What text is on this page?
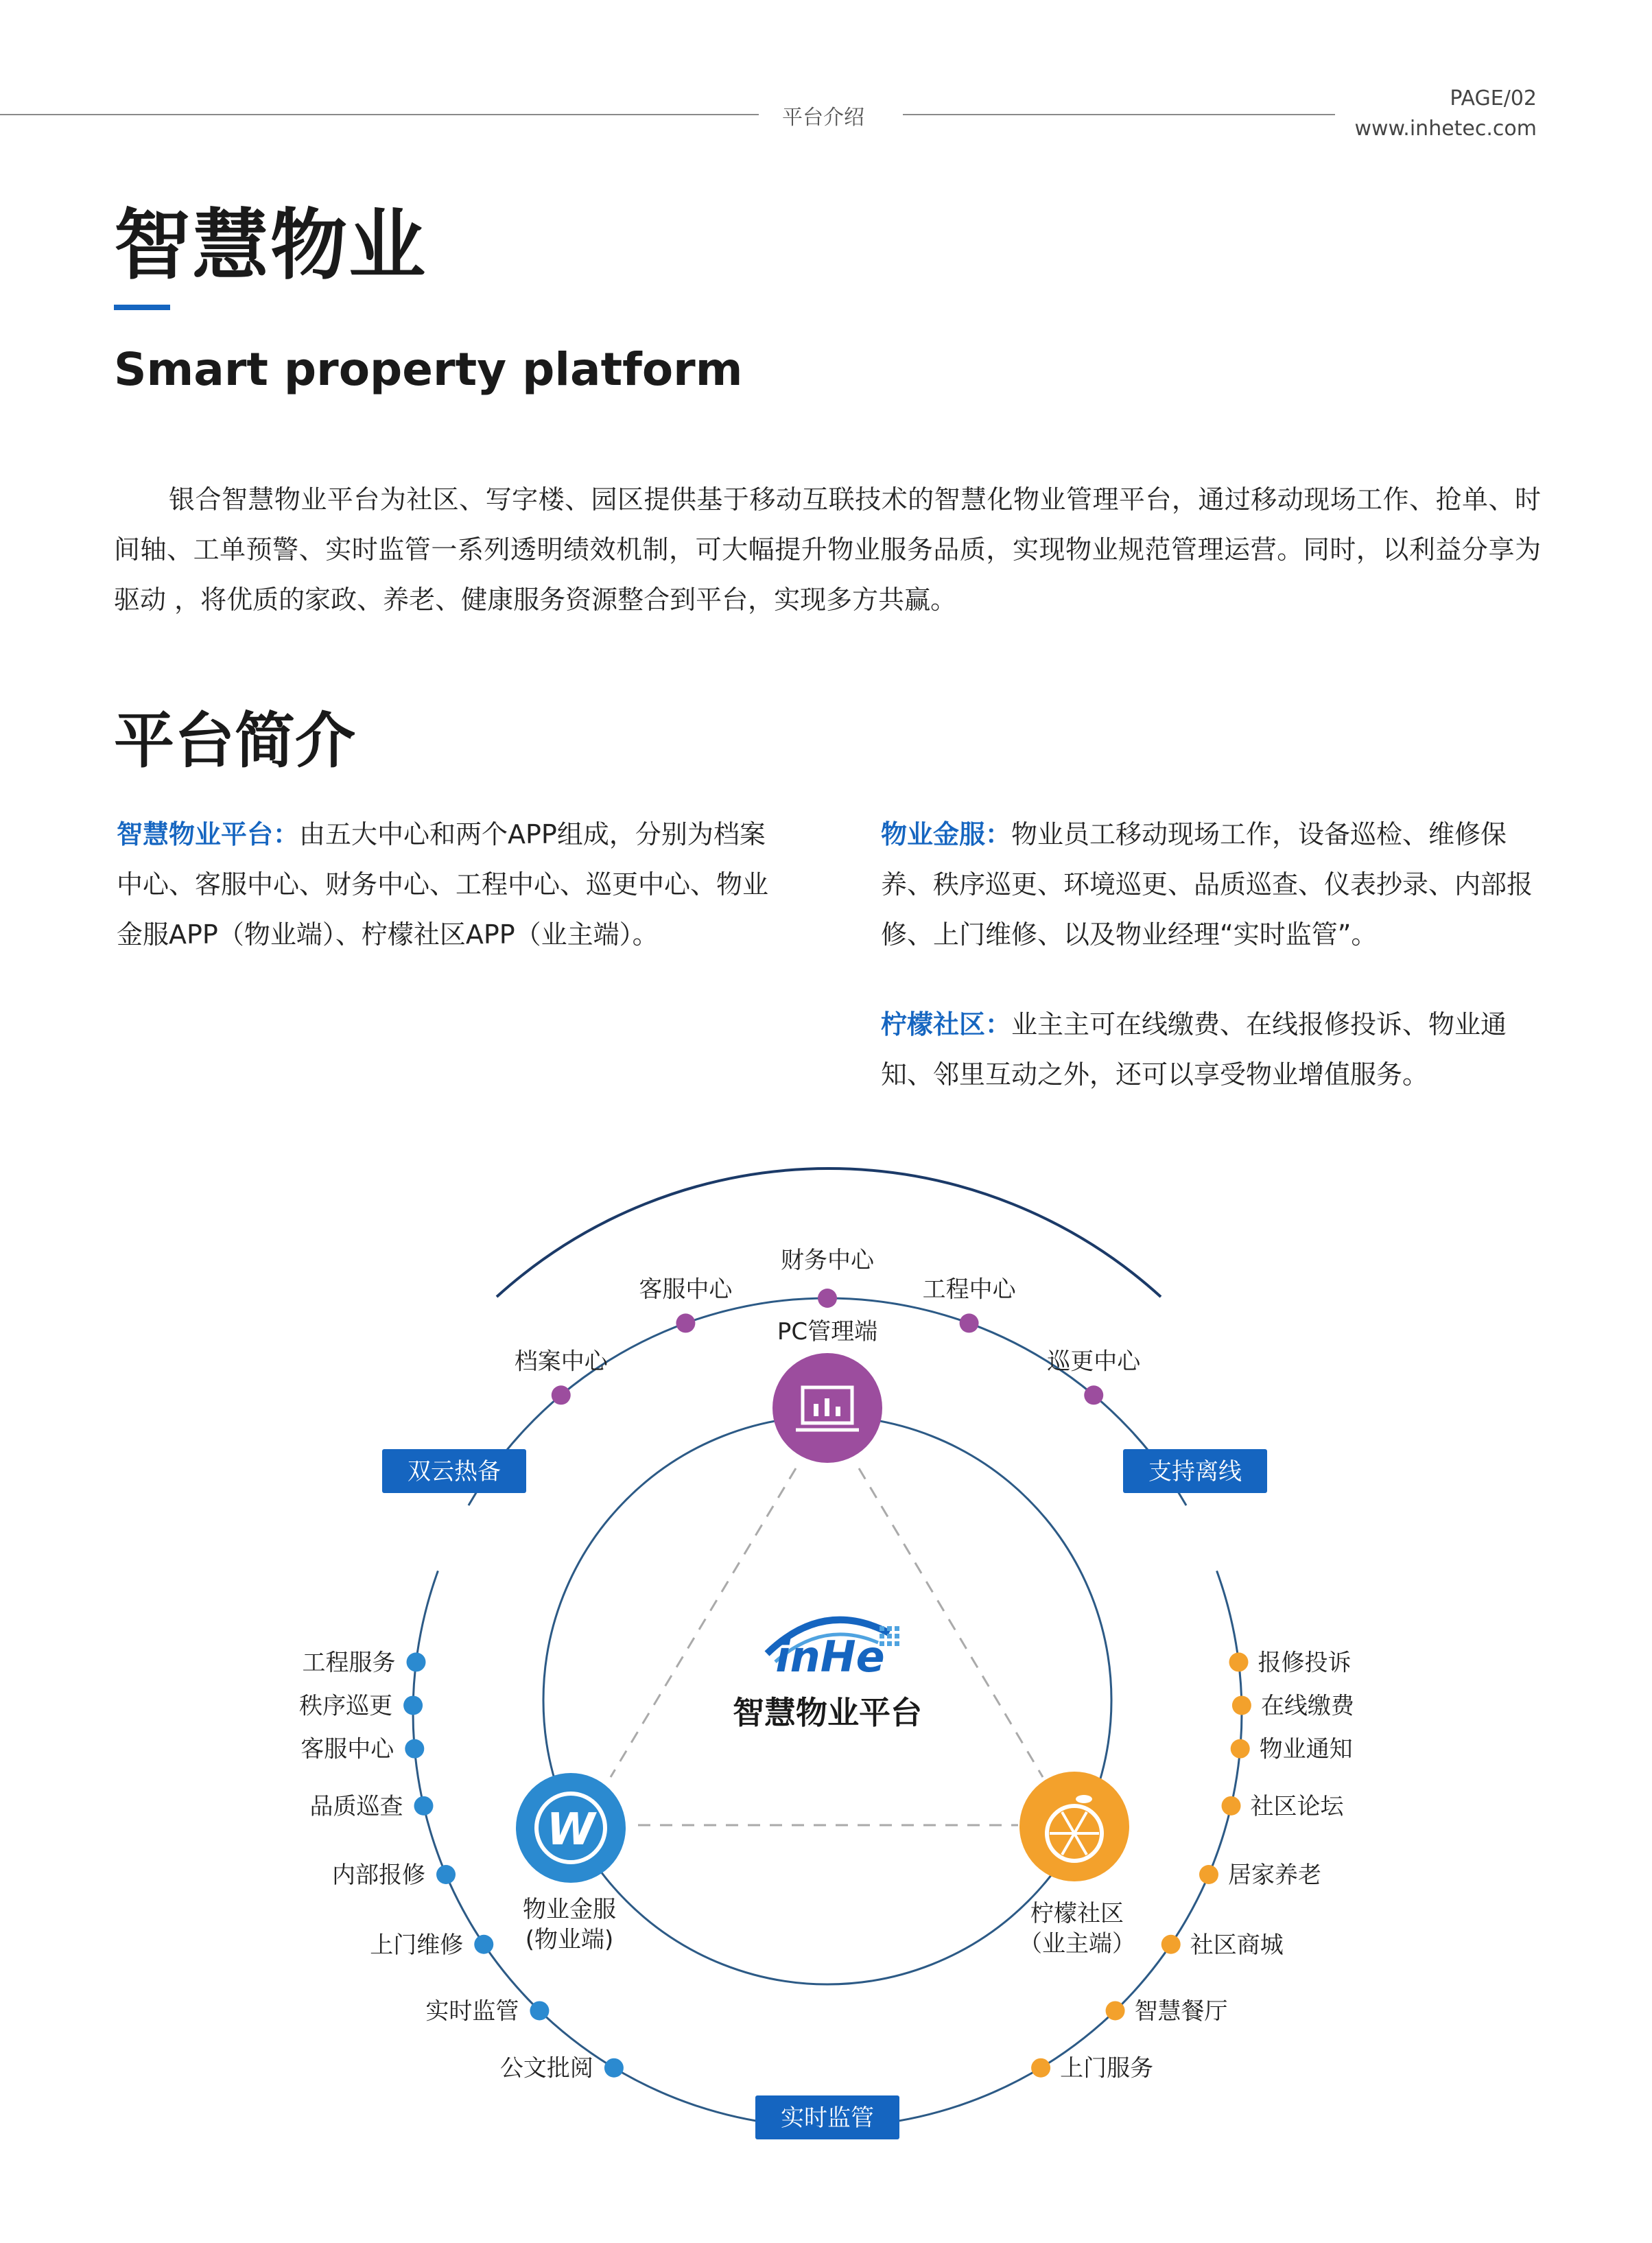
平台介绍
PAGE/02
www.inhetec.com
智慧物业
Smart property platform
银合智慧物业平台为社区、写字楼、园区提供基于移动互联技术的智慧化物业管理平台，通过移动现场工作、抢单、时间轴、工单预警、实时监管一系列透明绩效机制，可大幅提升物业服务品质，实现物业规范管理运营。同时，以利益分享为驱动 ，将优质的家政、养老、健康服务资源整合到平台，实现多方共赢。
平台简介
智慧物业平台：由五大中心和两个APP组成，分别为档案中心、客服中心、财务中心、工程中心、巡更中心、物业金服APP（物业端）、柠檬社区APP（业主端）。
物业金服：物业员工移动现场工作，设备巡检、维修保养、秩序巡更、环境巡更、品质巡查、仪表抄录、内部报修、上门维修、以及物业经理“实时监管”。
柠檬社区：业主主可在线缴费、在线报修投诉、物业通知、邻里互动之外，还可以享受物业增值服务。
档案中心
客服中心
财务中心
工程中心
巡更中心
工程服务
秩序巡更
客服中心
品质巡查
内部报修
上门维修
实时监管
公文批阅
报修投诉
在线缴费
物业通知
社区论坛
居家养老
社区商城
智慧餐厅
上门服务
双云热备	支持离线
实时监管
PC管理端
W
物业金服
(物业端)
柠檬社区
（业主端）
inHe
智慧物业平台
